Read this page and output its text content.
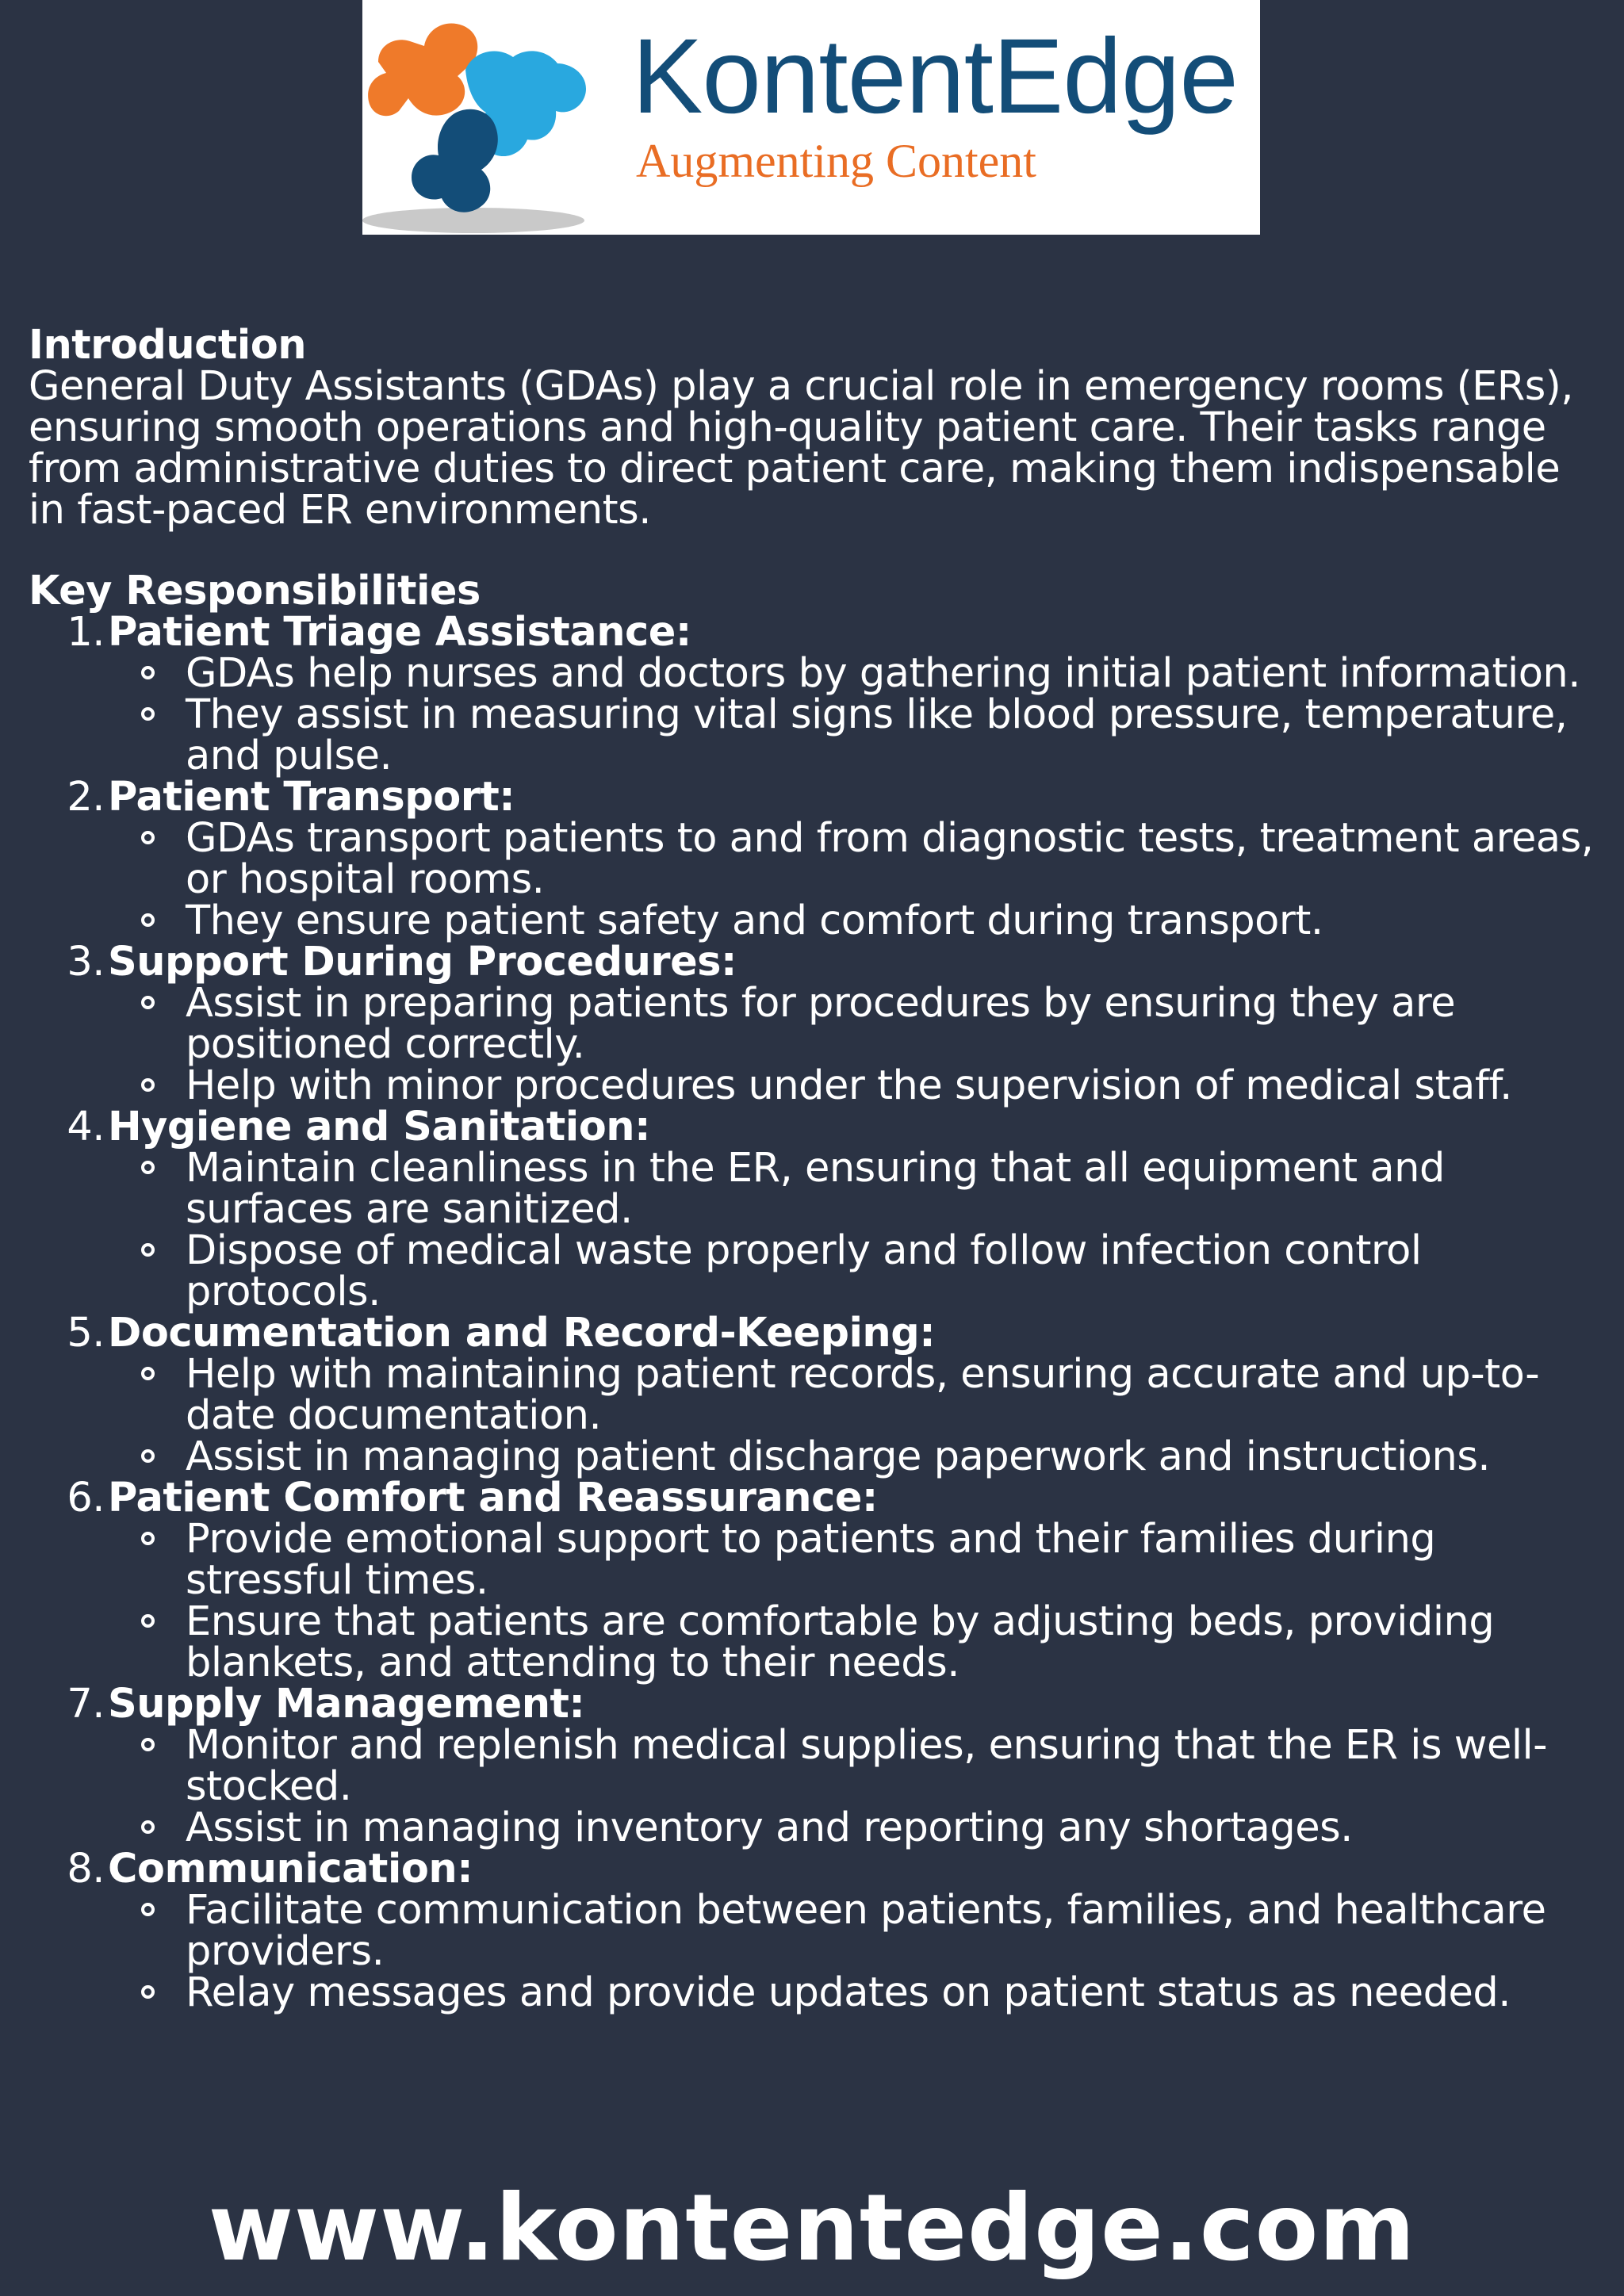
KontentEdge
Augmenting Content

Introduction

General Duty Assistants (GDAs) play a crucial role in emergency rooms (ERs), ensuring smooth operations and high-quality patient care. Their tasks range from administrative duties to direct patient care, making them indispensable in fast-paced ER environments.

Key Responsibilities

1. Patient Triage Assistance:
GDAs help nurses and doctors by gathering initial patient information.
They assist in measuring vital signs like blood pressure, temperature, and pulse.
2. Patient Transport:
GDAs transport patients to and from diagnostic tests, treatment areas, or hospital rooms.
They ensure patient safety and comfort during transport.
3. Support During Procedures:
Assist in preparing patients for procedures by ensuring they are positioned correctly.
Help with minor procedures under the supervision of medical staff.
4. Hygiene and Sanitation:
Maintain cleanliness in the ER, ensuring that all equipment and surfaces are sanitized.
Dispose of medical waste properly and follow infection control protocols.
5. Documentation and Record-Keeping:
Help with maintaining patient records, ensuring accurate and up-to-date documentation.
Assist in managing patient discharge paperwork and instructions.
6. Patient Comfort and Reassurance:
Provide emotional support to patients and their families during stressful times.
Ensure that patients are comfortable by adjusting beds, providing blankets, and attending to their needs.
7. Supply Management:
Monitor and replenish medical supplies, ensuring that the ER is well-stocked.
Assist in managing inventory and reporting any shortages.
8. Communication:
Facilitate communication between patients, families, and healthcare providers.
Relay messages and provide updates on patient status as needed.
www.kontentedge.com
